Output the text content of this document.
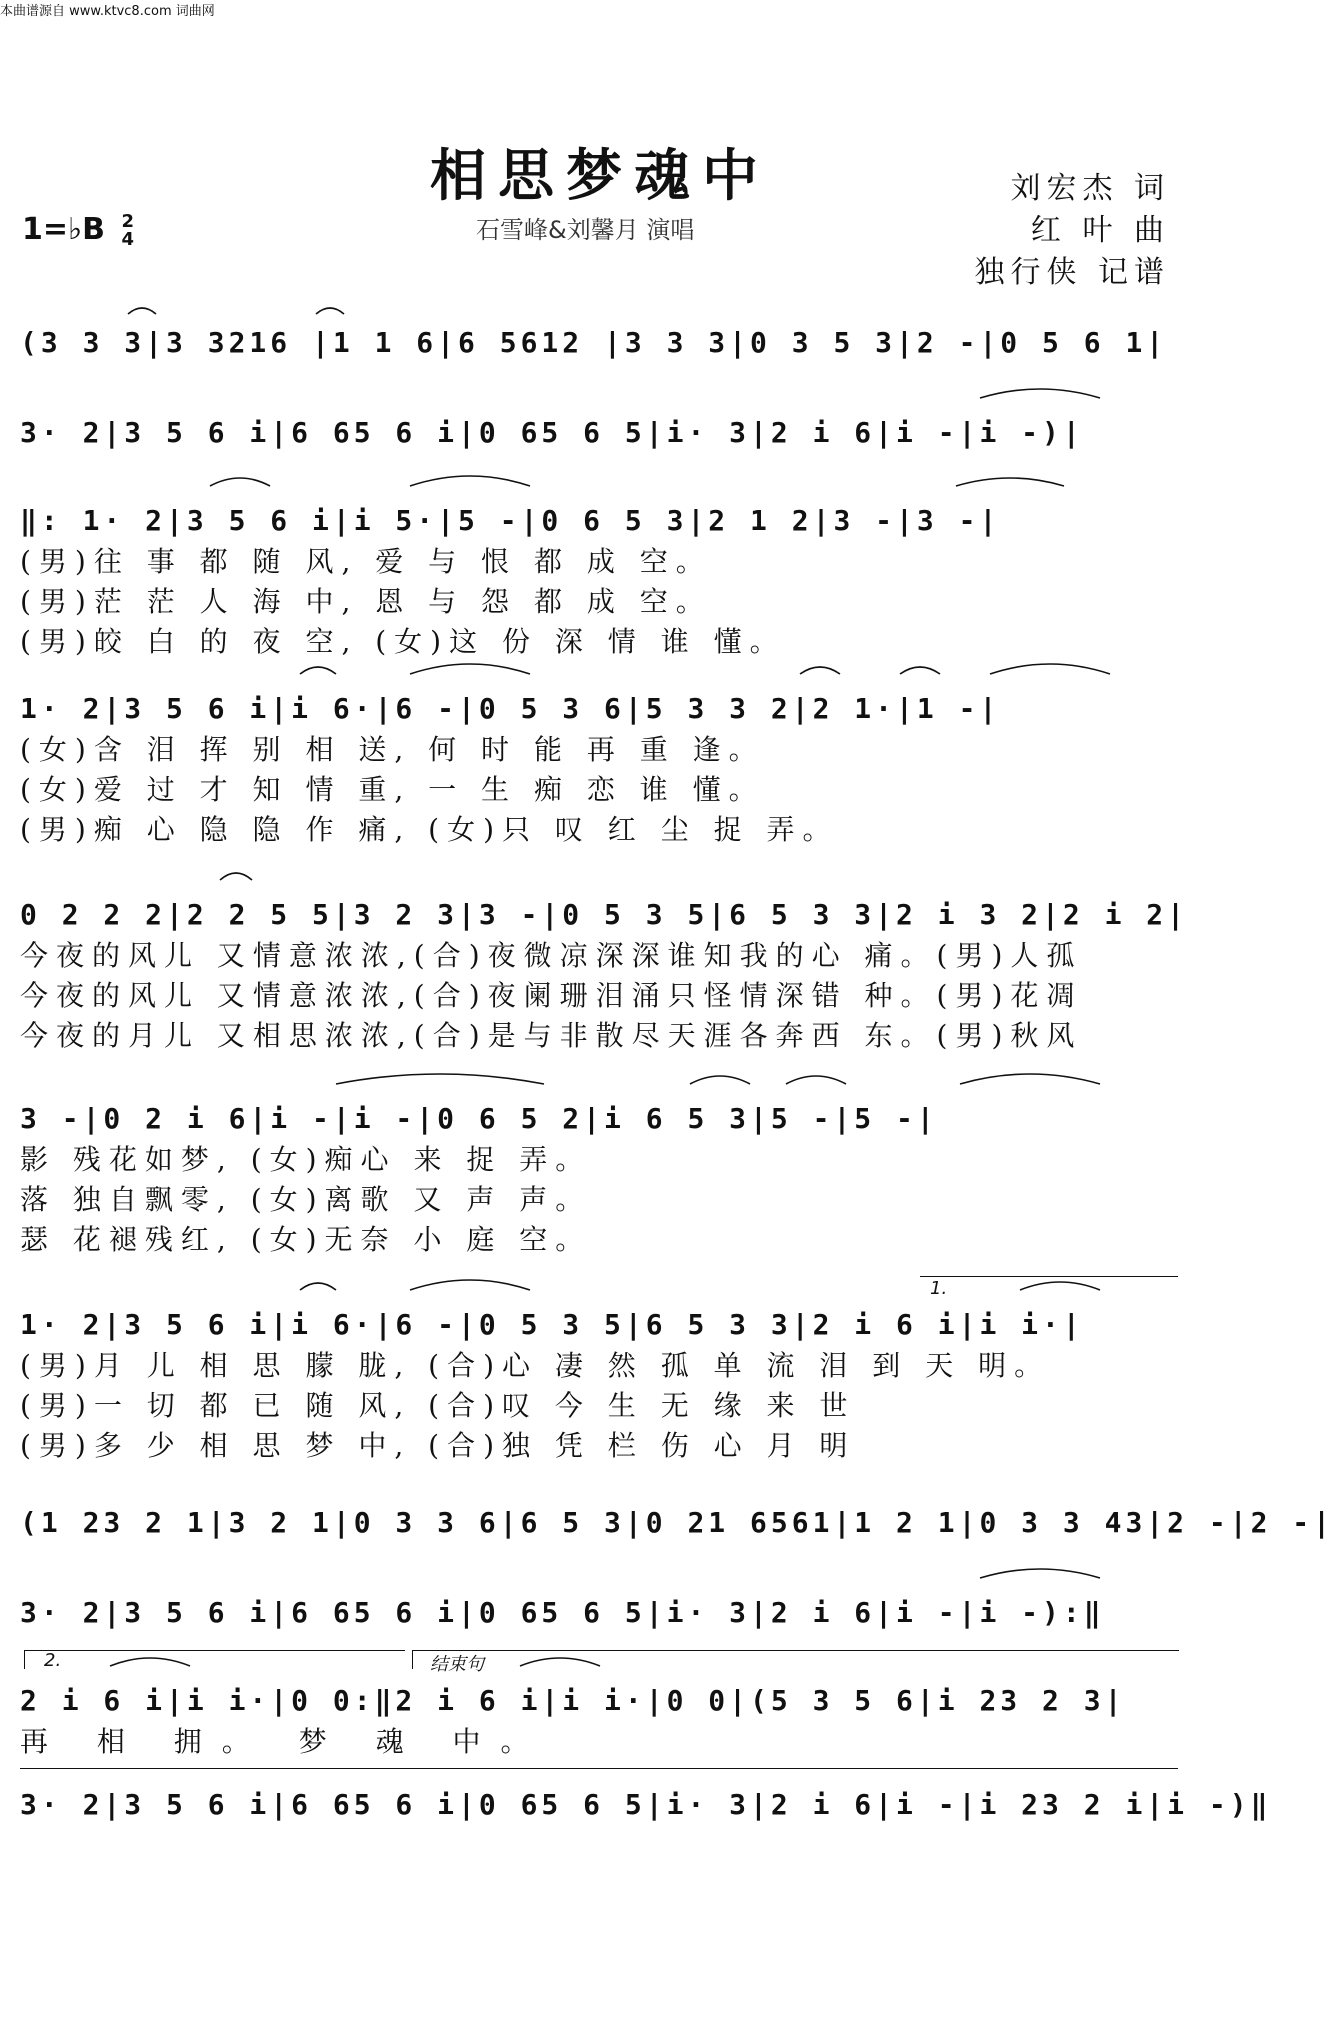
本曲谱源自 www.ktvc8.com 词曲网
相思梦魂中
1=♭B 2
4	石雪峰&刘馨月 演唱
刘宏杰 词
红 叶 曲
独行侠 记谱
(3 3 3|3 3216 |1 1 6|6 5612 |3 3 3|0 3 5 3|2 -|0 5 6 1|
3· 2|3 5 6 i|6 65 6 i|0 65 6 5|i· 3|2 i 6|i -|i -)|
‖: 1· 2|3 5 6 i|i 5·|5 -|0 6 5 3|2 1 2|3 -|3 -|
(男)往 事 都 随 风, 爱 与 恨 都 成 空。
(男)茫 茫 人 海 中, 恩 与 怨 都 成 空。
(男)皎 白 的 夜 空, (女)这 份 深 情 谁 懂。
1· 2|3 5 6 i|i 6·|6 -|0 5 3 6|5 3 3 2|2 1·|1 -|
(女)含 泪 挥 别 相 送, 何 时 能 再 重 逢。
(女)爱 过 才 知 情 重, 一 生 痴 恋 谁 懂。
(男)痴 心 隐 隐 作 痛, (女)只 叹 红 尘 捉 弄。
0 2 2 2|2 2 5 5|3 2 3|3 -|0 5 3 5|6 5 3 3|2 i 3 2|2 i 2|
今夜的风儿 又情意浓浓,(合)夜微凉深深谁知我的心 痛。(男)人孤
今夜的风儿 又情意浓浓,(合)夜阑珊泪涌只怪情深错 种。(男)花凋
今夜的月儿 又相思浓浓,(合)是与非散尽天涯各奔西 东。(男)秋风
3 -|0 2 i 6|i -|i -|0 6 5 2|i 6 5 3|5 -|5 -|
影 残花如梦, (女)痴心 来 捉 弄。
落 独自飘零, (女)离歌 又 声 声。
瑟 花褪残红, (女)无奈 小 庭 空。
1.
1· 2|3 5 6 i|i 6·|6 -|0 5 3 5|6 5 3 3|2 i 6 i|i i·|
(男)月 儿 相 思 朦 胧, (合)心 凄 然 孤 单 流 泪 到 天 明。
(男)一 切 都 已 随 风, (合)叹 今 生 无 缘 来 世
(男)多 少 相 思 梦 中, (合)独 凭 栏 伤 心 月 明
(1 23 2 1|3 2 1|0 3 3 6|6 5 3|0 21 6561|1 2 1|0 3 3 43|2 -|2 -|
3· 2|3 5 6 i|6 65 6 i|0 65 6 5|i· 3|2 i 6|i -|i -):‖
2.	结束句
2 i 6 i|i i·|0 0:‖2 i 6 i|i i·|0 0|(5 3 5 6|i 23 2 3|
再 相 拥。 梦 魂 中。
3· 2|3 5 6 i|6 65 6 i|0 65 6 5|i· 3|2 i 6|i -|i 23 2 i|i -)‖
